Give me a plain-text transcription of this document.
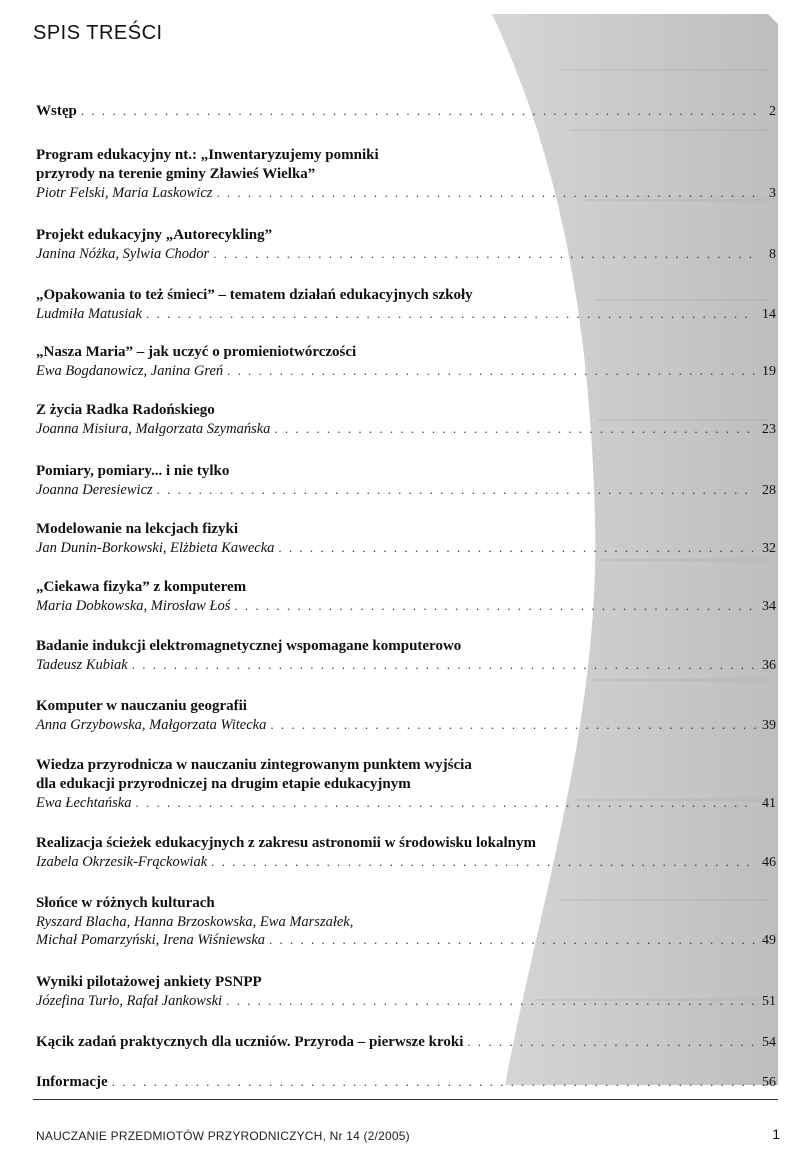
SPIS TREŚCI
Wstęp . . .	2
Program edukacyjny nt.: „Inwentaryzujemy pomniki
przyrody na terenie gminy Zławieś Wielka”
Piotr Felski, Maria Laskowicz . . .	3
Projekt edukacyjny „Autorecykling”
Janina Nóżka, Sylwia Chodor . . .	8
„Opakowania to też śmieci” – tematem działań edukacyjnych szkoły
Ludmiła Matusiak . . .	14
„Nasza Maria” – jak uczyć o promieniotwórczości
Ewa Bogdanowicz, Janina Greń . . .	19
Z życia Radka Radońskiego
Joanna Misiura, Małgorzata Szymańska . . .	23
Pomiary, pomiary... i nie tylko
Joanna Deresiewicz . . .	28
Modelowanie na lekcjach fizyki
Jan Dunin-Borkowski, Elżbieta Kawecka . . .	32
„Ciekawa fizyka” z komputerem
Maria Dobkowska, Mirosław Łoś . . .	34
Badanie indukcji elektromagnetycznej wspomagane komputerowo
Tadeusz Kubiak . . .	36
Komputer w nauczaniu geografii
Anna Grzybowska, Małgorzata Witecka . . .	39
Wiedza przyrodnicza w nauczaniu zintegrowanym punktem wyjścia
dla edukacji przyrodniczej na drugim etapie edukacyjnym
Ewa Łechtańska . . .	41
Realizacja ścieżek edukacyjnych z zakresu astronomii w środowisku lokalnym
Izabela Okrzesik-Frąckowiak . . .	46
Słońce w różnych kulturach
Ryszard Blacha, Hanna Brzoskowska, Ewa Marszałek,
Michał Pomarzyński, Irena Wiśniewska . . .	49
Wyniki pilotażowej ankiety PSNPP
Józefina Turło, Rafał Jankowski . . .	51
Kącik zadań praktycznych dla uczniów. Przyroda – pierwsze kroki . . .	54
Informacje . . .	56
NAUCZANIE PRZEDMIOTÓW PRZYRODNICZYCH, Nr 14 (2/2005)	1
